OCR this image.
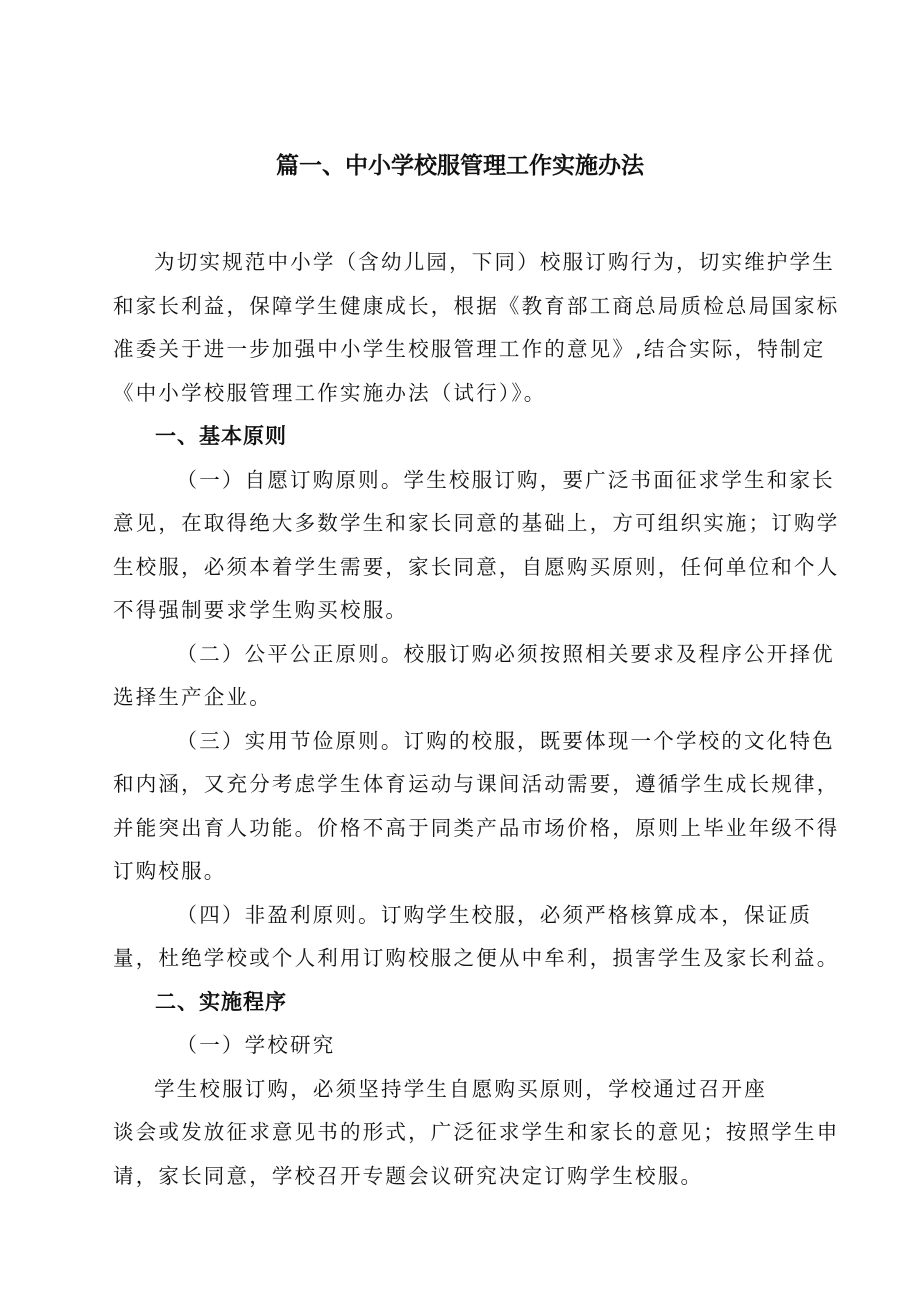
篇一、中小学校服管理工作实施办法

为切实规范中小学（含幼儿园，下同）校服订购行为，切实维护学生和家长利益，保障学生健康成长，根据《教育部工商总局质检总局国家标准委关于进一步加强中小学生校服管理工作的意见》,结合实际，特制定《中小学校服管理工作实施办法（试行）》。

一、基本原则

（一）自愿订购原则。学生校服订购，要广泛书面征求学生和家长意见，在取得绝大多数学生和家长同意的基础上，方可组织实施；订购学生校服，必须本着学生需要，家长同意，自愿购买原则，任何单位和个人不得强制要求学生购买校服。

（二）公平公正原则。校服订购必须按照相关要求及程序公开择优选择生产企业。

（三）实用节俭原则。订购的校服，既要体现一个学校的文化特色和内涵，又充分考虑学生体育运动与课间活动需要，遵循学生成长规律，并能突出育人功能。价格不高于同类产品市场价格，原则上毕业年级不得订购校服。

（四）非盈利原则。订购学生校服，必须严格核算成本，保证质量，杜绝学校或个人利用订购校服之便从中牟利，损害学生及家长利益。

二、实施程序

（一）学校研究

学生校服订购，必须坚持学生自愿购买原则，学校通过召开座

谈会或发放征求意见书的形式，广泛征求学生和家长的意见；按照学生申请，家长同意，学校召开专题会议研究决定订购学生校服。
